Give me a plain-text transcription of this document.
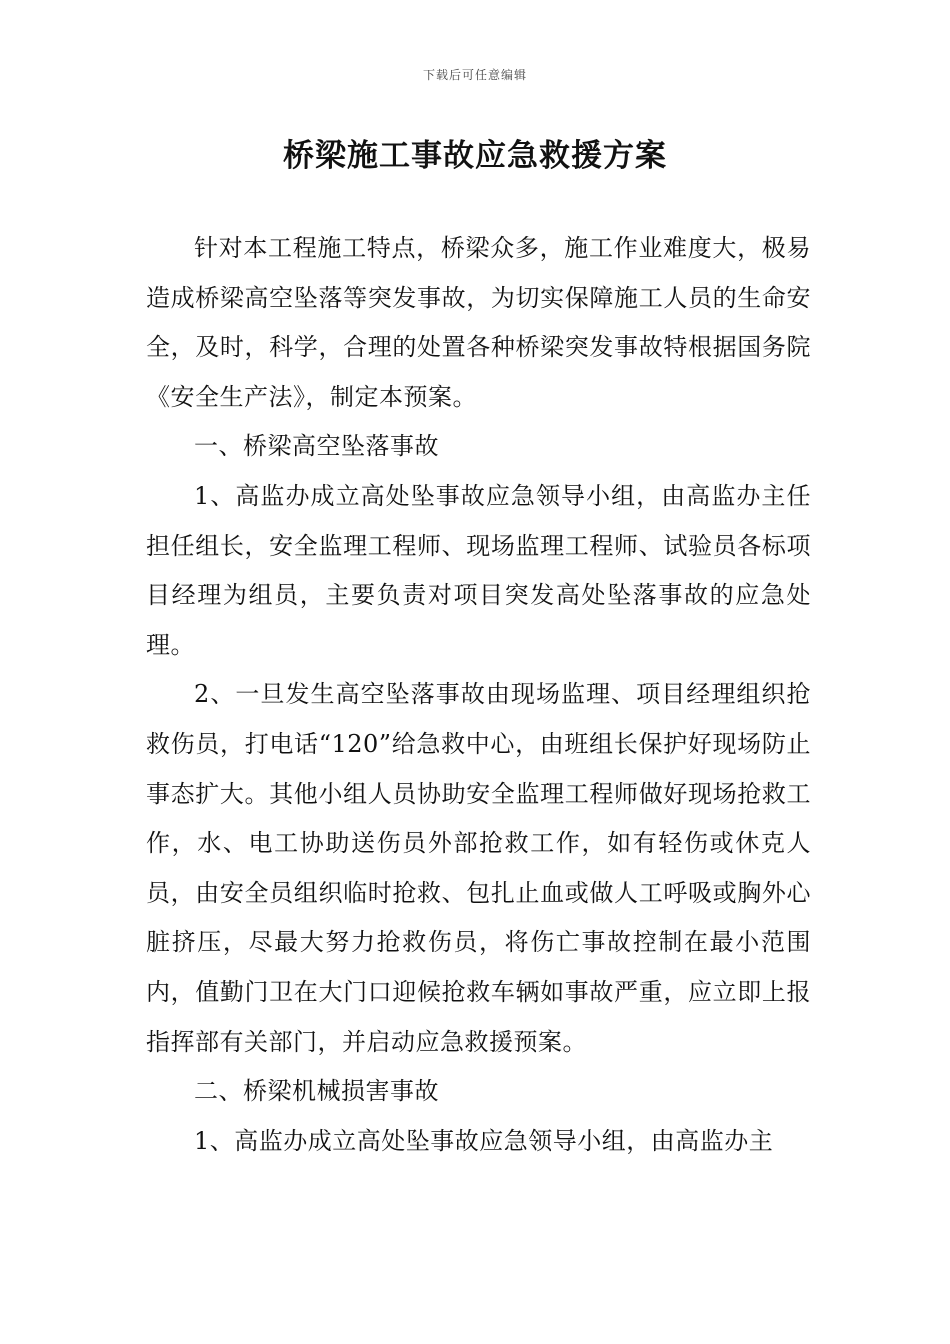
下载后可任意编辑
桥梁施工事故应急救援方案

针对本工程施工特点，桥梁众多，施工作业难度大，极易造成桥梁高空坠落等突发事故，为切实保障施工人员的生命安全，及时，科学，合理的处置各种桥梁突发事故特根据国务院《安全生产法》，制定本预案。

一、桥梁高空坠落事故

1、高监办成立高处坠事故应急领导小组，由高监办主任担任组长，安全监理工程师、现场监理工程师、试验员各标项目经理为组员，主要负责对项目突发高处坠落事故的应急处理。

2、一旦发生高空坠落事故由现场监理、项目经理组织抢救伤员，打电话“120”给急救中心，由班组长保护好现场防止事态扩大。其他小组人员协助安全监理工程师做好现场抢救工作，水、电工协助送伤员外部抢救工作，如有轻伤或休克人员，由安全员组织临时抢救、包扎止血或做人工呼吸或胸外心脏挤压，尽最大努力抢救伤员，将伤亡事故控制在最小范围内，值勤门卫在大门口迎候抢救车辆如事故严重，应立即上报指挥部有关部门，并启动应急救援预案。

二、桥梁机械损害事故

1、高监办成立高处坠事故应急领导小组，由高监办主
